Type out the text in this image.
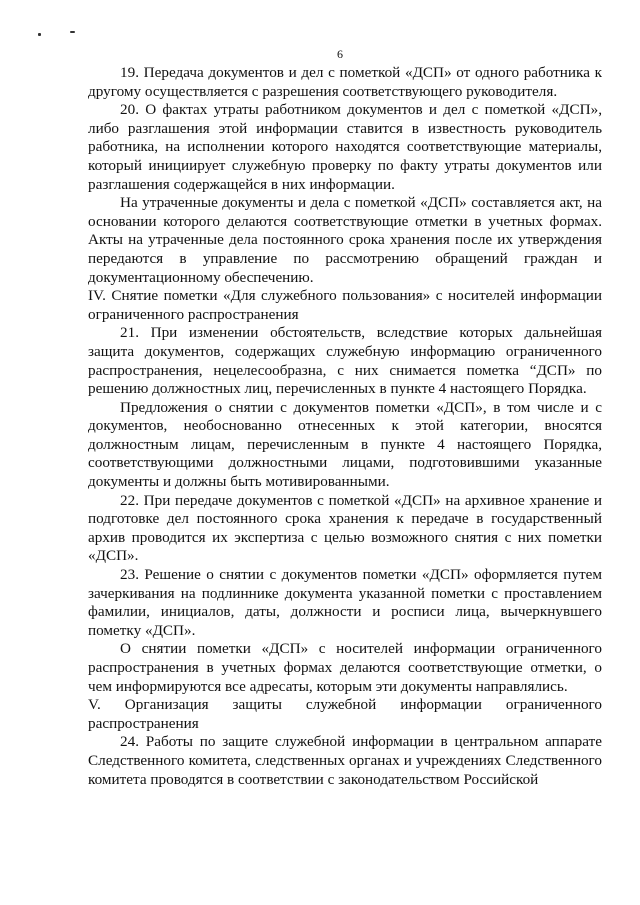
6

19. Передача документов и дел с пометкой «ДСП» от одного работника к другому осуществляется с разрешения соответствующего руководителя.

20. О фактах утраты работником документов и дел с пометкой «ДСП», либо разглашения этой информации ставится в известность руководитель работника, на исполнении которого находятся соответствующие материалы, который инициирует служебную проверку по факту утраты документов или разглашения содержащейся в них информации.

На утраченные документы и дела с пометкой «ДСП» составляется акт, на основании которого делаются соответствующие отметки в учетных формах. Акты на утраченные дела постоянного срока хранения после их утверждения передаются в управление по рассмотрению обращений граждан и документационному обеспечению.

IV. Снятие пометки «Для служебного пользования» с носителей информации ограниченного распространения

21. При изменении обстоятельств, вследствие которых дальнейшая защита документов, содержащих служебную информацию ограниченного распространения, нецелесообразна, с них снимается пометка “ДСП» по решению должностных лиц, перечисленных в пункте 4 настоящего Порядка.

Предложения о снятии с документов пометки «ДСП», в том числе и с документов, необоснованно отнесенных к этой категории, вносятся должностным лицам, перечисленным в пункте 4 настоящего Порядка, соответствующими должностными лицами, подготовившими указанные документы и должны быть мотивированными.

22. При передаче документов с пометкой «ДСП» на архивное хранение и подготовке дел постоянного срока хранения к передаче в государственный архив проводится их экспертиза с целью возможного снятия с них пометки «ДСП».

23. Решение о снятии с документов пометки «ДСП» оформляется путем зачеркивания на подлиннике документа указанной пометки с проставлением фамилии, инициалов, даты, должности и росписи лица, вычеркнувшего пометку «ДСП».

О снятии пометки «ДСП» с носителей информации ограниченного распространения в учетных формах делаются соответствующие отметки, о чем информируются все адресаты, которым эти документы направлялись.

V. Организация защиты служебной информации ограниченного распространения

24. Работы по защите служебной информации в центральном аппарате Следственного комитета, следственных органах и учреждениях Следственного комитета проводятся в соответствии с законодательством Российской
